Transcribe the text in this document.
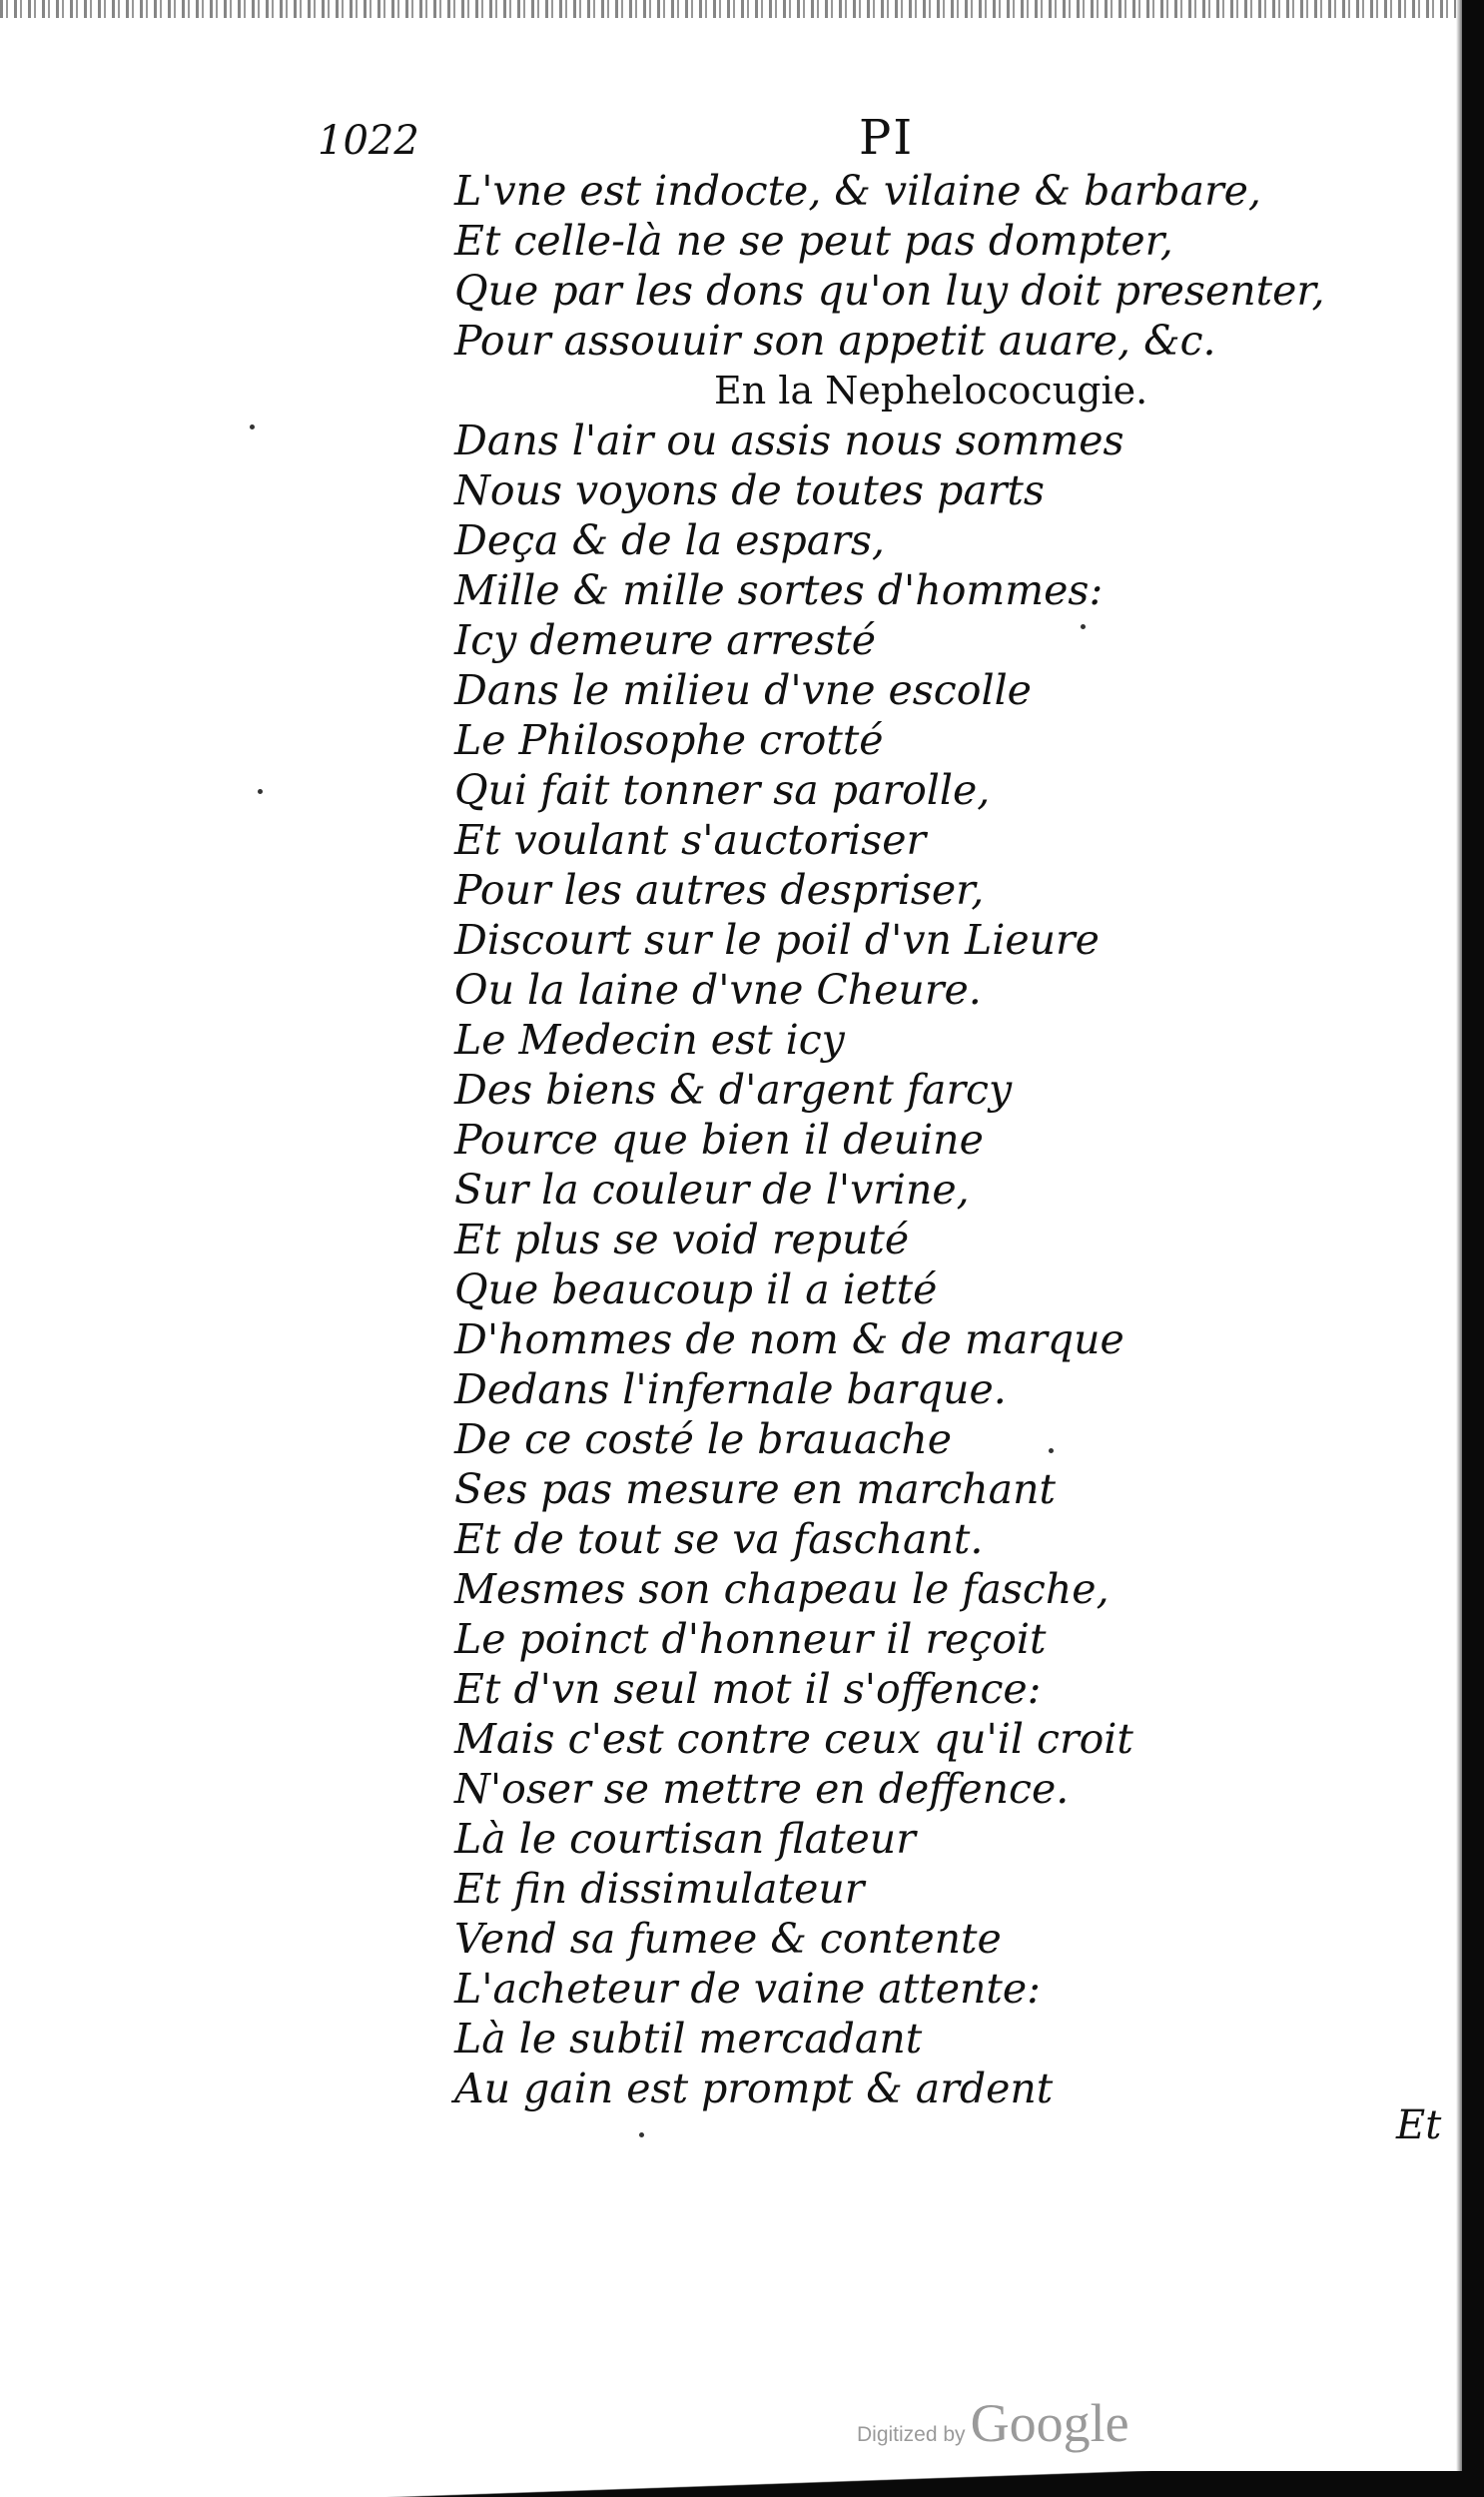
1022	PI
L'vne est indocte, & vilaine & barbare,
Et celle-là ne se peut pas dompter,
Que par les dons qu'on luy doit presenter,
Pour assouuir son appetit auare, &c.
En la Nephelococugie.
Dans l'air ou assis nous sommes
Nous voyons de toutes parts
Deça & de la espars,
Mille & mille sortes d'hommes:
Icy demeure arresté
Dans le milieu d'vne escolle
Le Philosophe crotté
Qui fait tonner sa parolle,
Et voulant s'auctoriser
Pour les autres despriser,
Discourt sur le poil d'vn Lieure
Ou la laine d'vne Cheure.
Le Medecin est icy
Des biens & d'argent farcy
Pource que bien il deuine
Sur la couleur de l'vrine,
Et plus se void reputé
Que beaucoup il a ietté
D'hommes de nom & de marque
Dedans l'infernale barque.
De ce costé le brauache
Ses pas mesure en marchant
Et de tout se va faschant.
Mesmes son chapeau le fasche,
Le poinct d'honneur il reçoit
Et d'vn seul mot il s'offence:
Mais c'est contre ceux qu'il croit
N'oser se mettre en deffence.
Là le courtisan flateur
Et fin dissimulateur
Vend sa fumee & contente
L'acheteur de vaine attente:
Là le subtil mercadant
Au gain est prompt & ardent
Et
Digitized by Google
